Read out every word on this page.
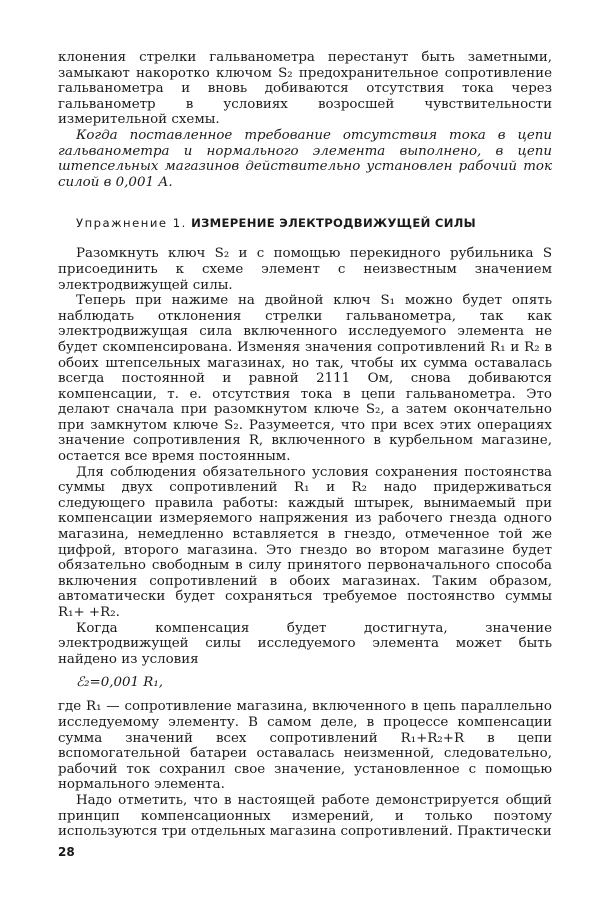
клонения стрелки гальванометра перестанут быть заметными, замыкают накоротко ключом S₂ предохранительное сопротивление гальванометра и вновь добиваются отсутствия тока через гальванометр в условиях возросшей чувствительности измерительной схемы.

Когда поставленное требование отсутствия тока в цепи гальванометра и нормального элемента выполнено, в цепи штепсельных магазинов действительно установлен рабочий ток силой в 0,001 А.

Упражнение 1. ИЗМЕРЕНИЕ ЭЛЕКТРОДВИЖУЩЕЙ СИЛЫ

Разомкнуть ключ S₂ и с помощью перекидного рубильника S присоединить к схеме элемент с неизвестным значением электродвижущей силы.

Теперь при нажиме на двойной ключ S₁ можно будет опять наблюдать отклонения стрелки гальванометра, так как электродвижущая сила включенного исследуемого элемента не будет скомпенсирована. Изменяя значения сопротивлений R₁ и R₂ в обоих штепсельных магазинах, но так, чтобы их сумма оставалась всегда постоянной и равной 2111 Ом, снова добиваются компенсации, т. е. отсутствия тока в цепи гальванометра. Это делают сначала при разомкнутом ключе S₂, а затем окончательно при замкнутом ключе S₂. Разумеется, что при всех этих операциях значение сопротивления R, включенного в курбельном магазине, остается все время постоянным.

Для соблюдения обязательного условия сохранения постоянства суммы двух сопротивлений R₁ и R₂ надо придерживаться следующего правила работы: каждый штырек, вынимаемый при компенсации измеряемого напряжения из рабочего гнезда одного магазина, немедленно вставляется в гнездо, отмеченное той же цифрой, второго магазина. Это гнездо во втором магазине будет обязательно свободным в силу принятого первоначального способа включения сопротивлений в обоих магазинах. Таким образом, автоматически будет сохраняться требуемое постоянство суммы R₁+ +R₂.

Когда компенсация будет достигнута, значение электродвижущей силы исследуемого элемента может быть найдено из условия

ℰ₂=0,001 R₁,

где R₁ — сопротивление магазина, включенного в цепь параллельно исследуемому элементу. В самом деле, в процессе компенсации сумма значений всех сопротивлений R₁+R₂+R в цепи вспомогательной батареи оставалась неизменной, следовательно, рабочий ток сохранил свое значение, установленное с помощью нормального элемента.

Надо отметить, что в настоящей работе демонстрируется общий принцип компенсационных измерений, и только поэтому используются три отдельных магазина сопротивлений. Практически

28
